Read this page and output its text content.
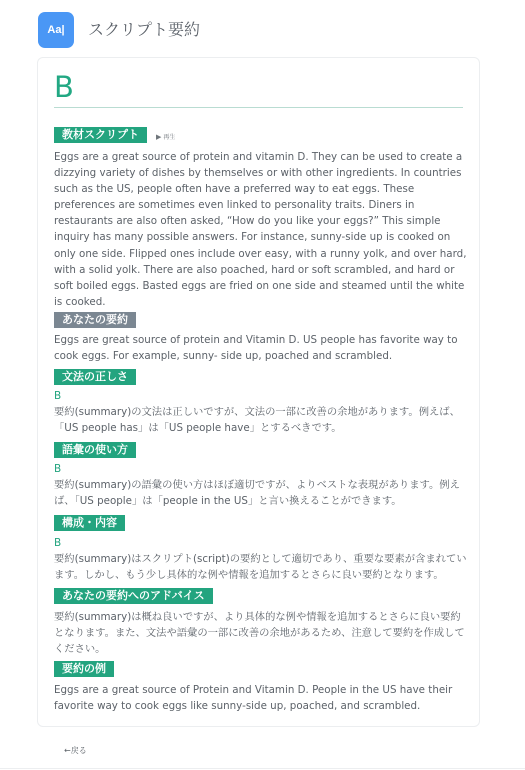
Aa|	スクリプト要約
B
教材スクリプト	▶ 再生
Eggs are a great source of protein and vitamin D. They can be used to create a dizzying variety of dishes by themselves or with other ingredients. In countries such as the US, people often have a preferred way to eat eggs. These preferences are sometimes even linked to personality traits. Diners in restaurants are also often asked, “How do you like your eggs?” This simple inquiry has many possible answers. For instance, sunny-side up is cooked on only one side. Flipped ones include over easy, with a runny yolk, and over hard, with a solid yolk. There are also poached, hard or soft scrambled, and hard or soft boiled eggs. Basted eggs are fried on one side and steamed until the white is cooked.
あなたの要約
Eggs are great source of protein and Vitamin D. US people has favorite way to cook eggs. For example, sunny- side up, poached and scrambled.
文法の正しさ
B
要約(summary)の文法は正しいですが、文法の一部に改善の余地があります。例えば、「US people has」は「US people have」とするべきです。
語彙の使い方
B
要約(summary)の語彙の使い方はほぼ適切ですが、よりベストな表現があります。例えば、「US people」は「people in the US」と言い換えることができます。
構成・内容
B
要約(summary)はスクリプト(script)の要約として適切であり、重要な要素が含まれています。しかし、もう少し具体的な例や情報を追加するとさらに良い要約となります。
あなたの要約へのアドバイス
要約(summary)は概ね良いですが、より具体的な例や情報を追加するとさらに良い要約となります。また、文法や語彙の一部に改善の余地があるため、注意して要約を作成してください。
要約の例
Eggs are a great source of Protein and Vitamin D. People in the US have their favorite way to cook eggs like sunny-side up, poached, and scrambled.
←戻る
